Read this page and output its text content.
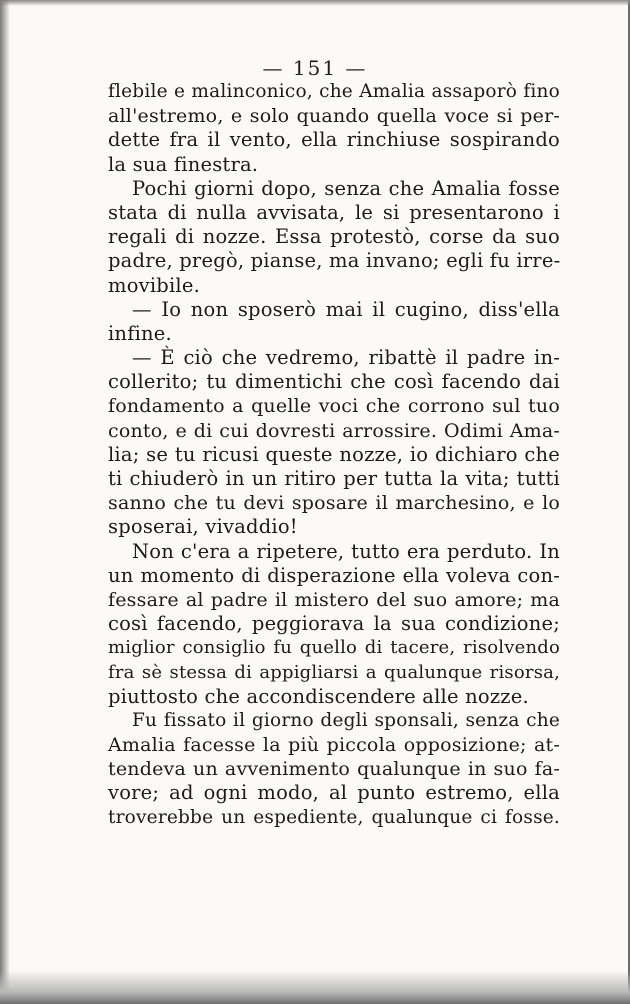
— 151 —
flebile e malinconico, che Amalia assaporò fino
all'estremo, e solo quando quella voce si per-
dette fra il vento, ella rinchiuse sospirando
la sua finestra.
Pochi giorni dopo, senza che Amalia fosse
stata di nulla avvisata, le si presentarono i
regali di nozze. Essa protestò, corse da suo
padre, pregò, pianse, ma invano; egli fu irre-
movibile.
— Io non sposerò mai il cugino, diss'ella
infine.
— È ciò che vedremo, ribattè il padre in-
collerito; tu dimentichi che così facendo dai
fondamento a quelle voci che corrono sul tuo
conto, e di cui dovresti arrossire. Odimi Ama-
lia; se tu ricusi queste nozze, io dichiaro che
ti chiuderò in un ritiro per tutta la vita; tutti
sanno che tu devi sposare il marchesino, e lo
sposerai, vivaddio!
Non c'era a ripetere, tutto era perduto. In
un momento di disperazione ella voleva con-
fessare al padre il mistero del suo amore; ma
così facendo, peggiorava la sua condizione;
miglior consiglio fu quello di tacere, risolvendo
fra sè stessa di appigliarsi a qualunque risorsa,
piuttosto che accondiscendere alle nozze.
Fu fissato il giorno degli sponsali, senza che
Amalia facesse la più piccola opposizione; at-
tendeva un avvenimento qualunque in suo fa-
vore; ad ogni modo, al punto estremo, ella
troverebbe un espediente, qualunque ci fosse.
